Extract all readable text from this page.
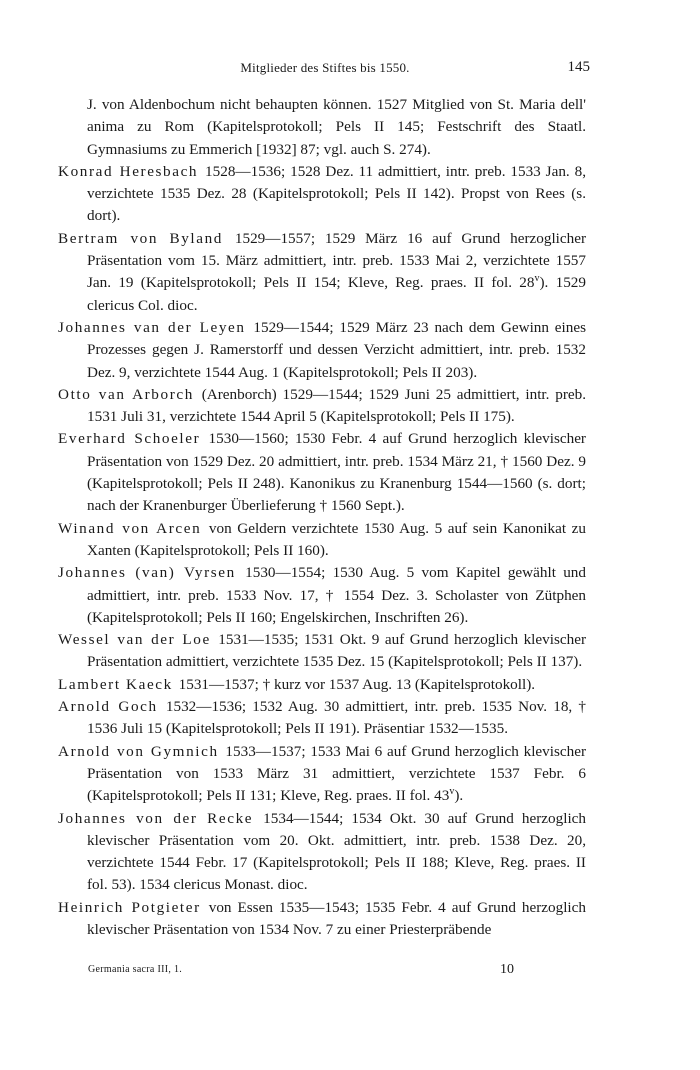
Mitglieder des Stiftes bis 1550.	145

J. von Aldenbochum nicht behaupten können. 1527 Mitglied von St. Maria dell' anima zu Rom (Kapitelsprotokoll; Pels II 145; Festschrift des Staatl. Gymnasiums zu Emmerich [1932] 87; vgl. auch S. 274).

Konrad Heresbach 1528—1536; 1528 Dez. 11 admittiert, intr. preb. 1533 Jan. 8, verzichtete 1535 Dez. 28 (Kapitelsprotokoll; Pels II 142). Propst von Rees (s. dort).

Bertram von Byland 1529—1557; 1529 März 16 auf Grund herzoglicher Präsentation vom 15. März admittiert, intr. preb. 1533 Mai 2, verzichtete 1557 Jan. 19 (Kapitelsprotokoll; Pels II 154; Kleve, Reg. praes. II fol. 28$^v$). 1529 clericus Col. dioc.

Johannes van der Leyen 1529—1544; 1529 März 23 nach dem Gewinn eines Prozesses gegen J. Ramerstorff und dessen Verzicht admittiert, intr. preb. 1532 Dez. 9, verzichtete 1544 Aug. 1 (Kapitelsprotokoll; Pels II 203).

Otto van Arborch (Arenborch) 1529—1544; 1529 Juni 25 admittiert, intr. preb. 1531 Juli 31, verzichtete 1544 April 5 (Kapitelsprotokoll; Pels II 175).

Everhard Schoeler 1530—1560; 1530 Febr. 4 auf Grund herzoglich klevischer Präsentation von 1529 Dez. 20 admittiert, intr. preb. 1534 März 21, † 1560 Dez. 9 (Kapitelsprotokoll; Pels II 248). Kanonikus zu Kranenburg 1544—1560 (s. dort; nach der Kranenburger Überlieferung † 1560 Sept.).

Winand von Arcen von Geldern verzichtete 1530 Aug. 5 auf sein Kanonikat zu Xanten (Kapitelsprotokoll; Pels II 160).

Johannes (van) Vyrsen 1530—1554; 1530 Aug. 5 vom Kapitel gewählt und admittiert, intr. preb. 1533 Nov. 17, † 1554 Dez. 3. Scholaster von Zütphen (Kapitelsprotokoll; Pels II 160; Engelskirchen, Inschriften 26).

Wessel van der Loe 1531—1535; 1531 Okt. 9 auf Grund herzoglich klevischer Präsentation admittiert, verzichtete 1535 Dez. 15 (Kapitelsprotokoll; Pels II 137).

Lambert Kaeck 1531—1537; † kurz vor 1537 Aug. 13 (Kapitelsprotokoll).

Arnold Goch 1532—1536; 1532 Aug. 30 admittiert, intr. preb. 1535 Nov. 18, † 1536 Juli 15 (Kapitelsprotokoll; Pels II 191). Präsentiar 1532—1535.

Arnold von Gymnich 1533—1537; 1533 Mai 6 auf Grund herzoglich klevischer Präsentation von 1533 März 31 admittiert, verzichtete 1537 Febr. 6 (Kapitelsprotokoll; Pels II 131; Kleve, Reg. praes. II fol. 43$^v$).

Johannes von der Recke 1534—1544; 1534 Okt. 30 auf Grund herzoglich klevischer Präsentation vom 20. Okt. admittiert, intr. preb. 1538 Dez. 20, verzichtete 1544 Febr. 17 (Kapitelsprotokoll; Pels II 188; Kleve, Reg. praes. II fol. 53). 1534 clericus Monast. dioc.

Heinrich Potgieter von Essen 1535—1543; 1535 Febr. 4 auf Grund herzoglich klevischer Präsentation von 1534 Nov. 7 zu einer Priesterpräbende

Germania sacra III, 1.	10
